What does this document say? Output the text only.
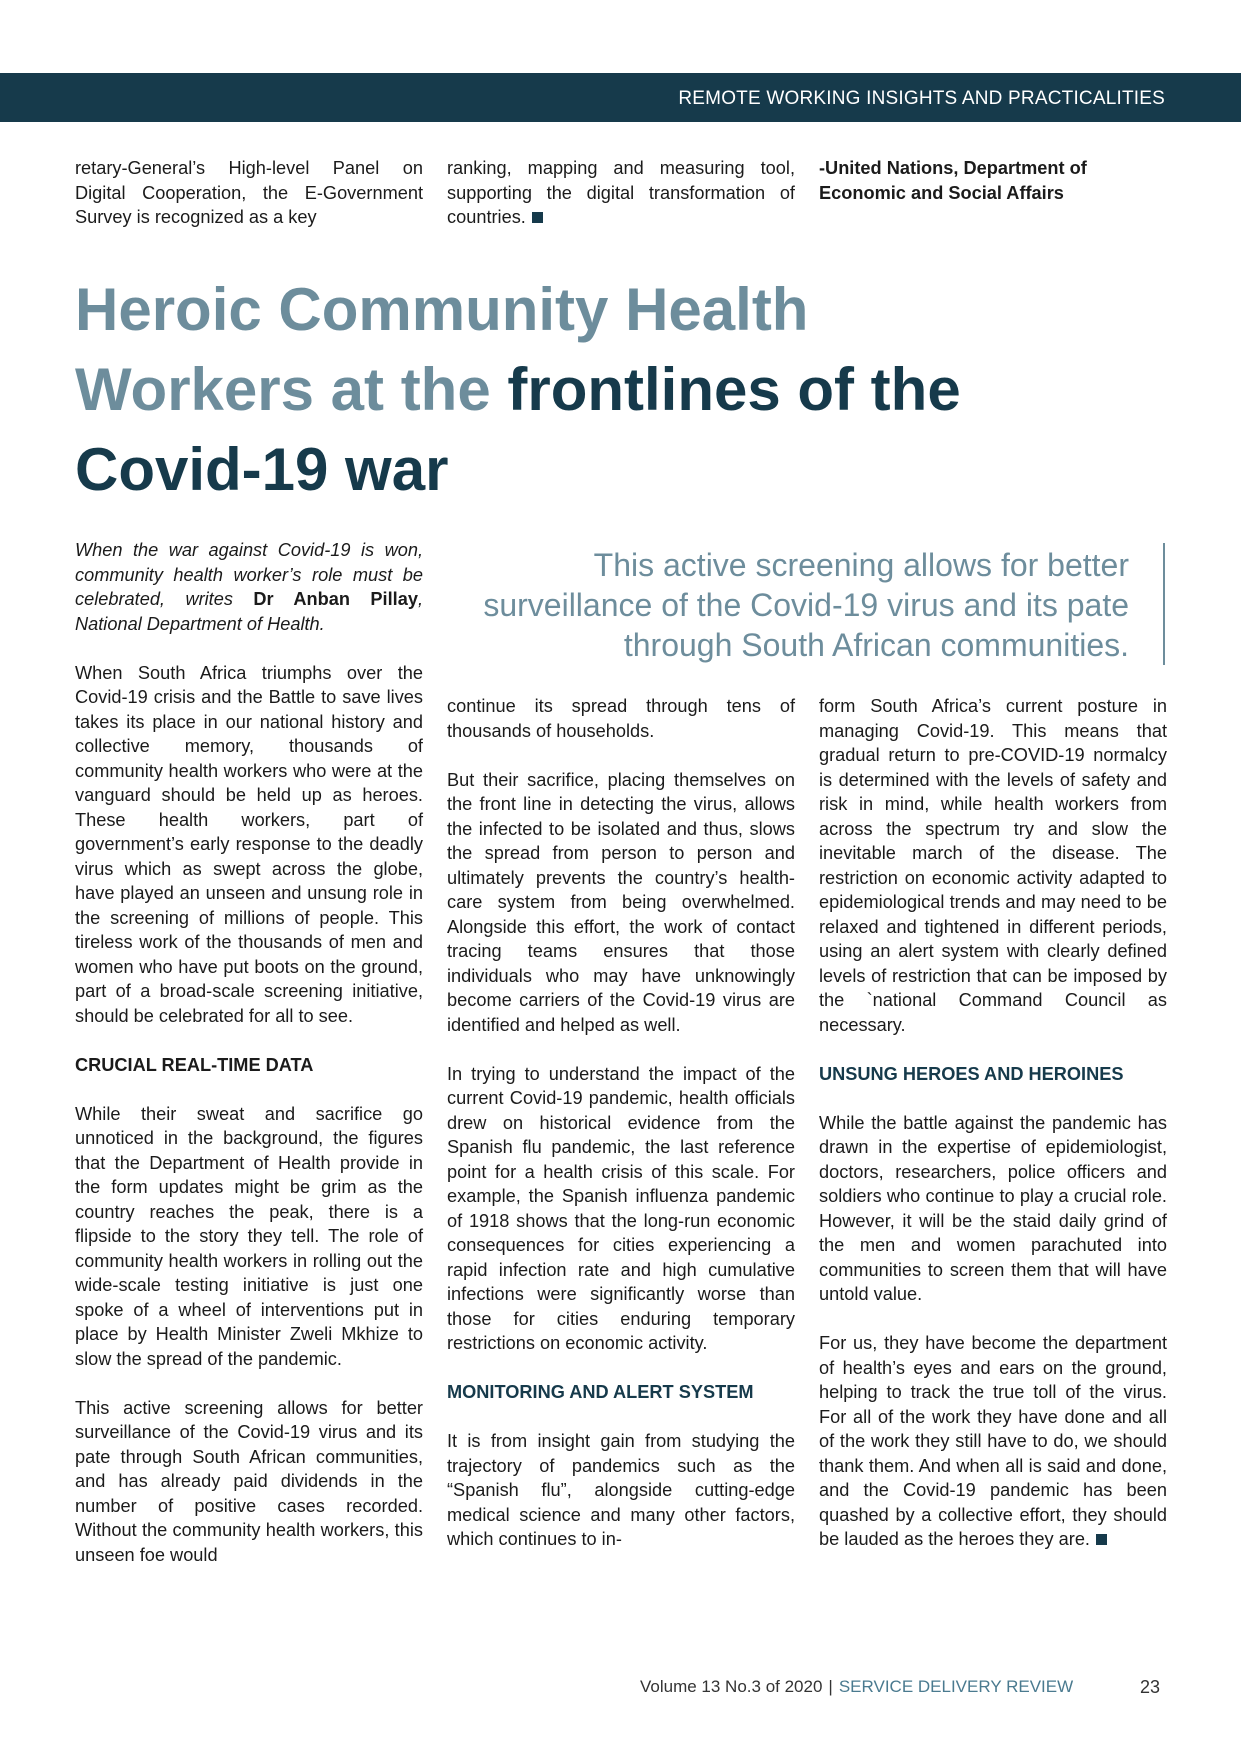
REMOTE WORKING INSIGHTS AND PRACTICALITIES

retary-General’s High-level Panel on Digital Cooperation, the E-Government Survey is recognized as a key

ranking, mapping and measuring tool, supporting the digital transformation of countries.

-United Nations, Department of Economic and Social Affairs

Heroic Community Health
Workers at the frontlines of the
Covid-19 war
This active screening allows for better surveillance of the Covid-19 virus and its pate through South African communities.

When the war against Covid-19 is won, community health worker’s role must be celebrated, writes Dr Anban Pillay, National Department of Health.

When South Africa triumphs over the Covid-19 crisis and the Battle to save lives takes its place in our national history and collective memory, thousands of community health workers who were at the vanguard should be held up as heroes. These health workers, part of government’s early response to the deadly virus which as swept across the globe, have played an unseen and unsung role in the screening of millions of people. This tireless work of the thousands of men and women who have put boots on the ground, part of a broad-scale screening initiative, should be celebrated for all to see.

CRUCIAL REAL-TIME DATA

While their sweat and sacrifice go unnoticed in the background, the figures that the Department of Health provide in the form updates might be grim as the country reaches the peak, there is a flipside to the story they tell. The role of community health workers in rolling out the wide-scale testing initiative is just one spoke of a wheel of interventions put in place by Health Minister Zweli Mkhize to slow the spread of the pandemic.

This active screening allows for better surveillance of the Covid-19 virus and its pate through South African communities, and has already paid dividends in the number of positive cases recorded. Without the community health workers, this unseen foe would

continue its spread through tens of thousands of households.

But their sacrifice, placing themselves on the front line in detecting the virus, allows the infected to be isolated and thus, slows the spread from person to person and ultimately prevents the country’s health-care system from being overwhelmed. Alongside this effort, the work of contact tracing teams ensures that those individuals who may have unknowingly become carriers of the Covid-19 virus are identified and helped as well.

In trying to understand the impact of the current Covid-19 pandemic, health officials drew on historical evidence from the Spanish flu pandemic, the last reference point for a health crisis of this scale. For example, the Spanish influenza pandemic of 1918 shows that the long-run economic consequences for cities experiencing a rapid infection rate and high cumulative infections were significantly worse than those for cities enduring temporary restrictions on economic activity.

MONITORING AND ALERT SYSTEM

It is from insight gain from studying the trajectory of pandemics such as the “Spanish flu”, alongside cutting-edge medical science and many other factors, which continues to in-

form South Africa’s current posture in managing Covid-19. This means that gradual return to pre-COVID-19 normalcy is determined with the levels of safety and risk in mind, while health workers from across the spectrum try and slow the inevitable march of the disease. The restriction on economic activity adapted to epidemiological trends and may need to be relaxed and tightened in different periods, using an alert system with clearly defined levels of restriction that can be imposed by the `national Command Council as necessary.

UNSUNG HEROES AND HEROINES

While the battle against the pandemic has drawn in the expertise of epidemiologist, doctors, researchers, police officers and soldiers who continue to play a crucial role. However, it will be the staid daily grind of the men and women parachuted into communities to screen them that will have untold value.

For us, they have become the department of health’s eyes and ears on the ground, helping to track the true toll of the virus. For all of the work they have done and all of the work they still have to do, we should thank them. And when all is said and done, and the Covid-19 pandemic has been quashed by a collective effort, they should be lauded as the heroes they are.

Volume 13 No.3 of 2020 | SERVICE DELIVERY REVIEW	23
